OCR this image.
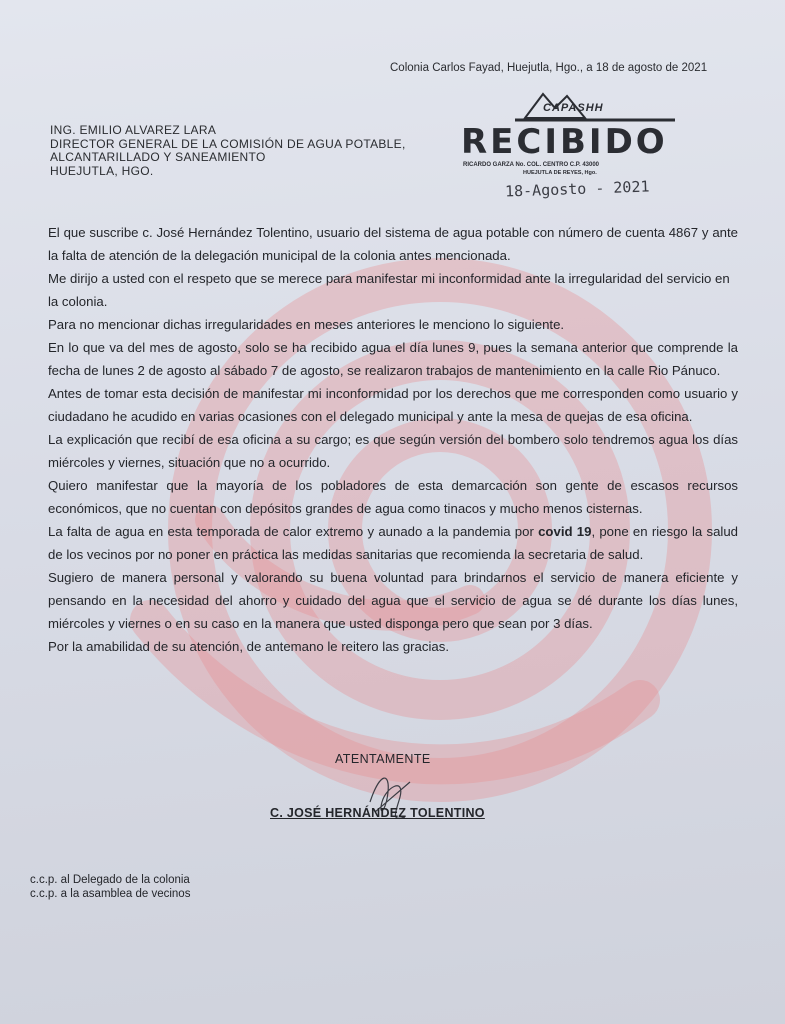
Colonia Carlos Fayad, Huejutla, Hgo., a 18 de agosto de 2021
ING. EMILIO ALVAREZ LARA
DIRECTOR GENERAL DE LA COMISIÓN DE AGUA POTABLE,
ALCANTARILLADO Y SANEAMIENTO
HUEJUTLA, HGO.
CAPASHH
RECIBIDO
RICARDO GARZA No. COL. CENTRO C.P. 43000
HUEJUTLA DE REYES, Hgo.
18-Agosto - 2021

El que suscribe c. José Hernández Tolentino, usuario del sistema de agua potable con número de cuenta 4867 y ante la falta de atención de la delegación municipal de la colonia antes mencionada.

Me dirijo a usted con el respeto que se merece para manifestar mi inconformidad ante la irregularidad del servicio en la colonia.

Para no mencionar dichas irregularidades en meses anteriores le menciono lo siguiente.

En lo que va del mes de agosto, solo se ha recibido agua el día lunes 9, pues la semana anterior que comprende la fecha de lunes 2 de agosto al sábado 7 de agosto, se realizaron trabajos de mantenimiento en la calle Rio Pánuco.

Antes de tomar esta decisión de manifestar mi inconformidad por los derechos que me corresponden como usuario y ciudadano he acudido en varias ocasiones con el delegado municipal y ante la mesa de quejas de esa oficina.

La explicación que recibí de esa oficina a su cargo; es que según versión del bombero solo tendremos agua los días miércoles y viernes, situación que no a ocurrido.

Quiero manifestar que la mayoría de los pobladores de esta demarcación son gente de escasos recursos económicos, que no cuentan con depósitos grandes de agua como tinacos y mucho menos cisternas.

La falta de agua en esta temporada de calor extremo y aunado a la pandemia por covid 19, pone en riesgo la salud de los vecinos por no poner en práctica las medidas sanitarias que recomienda la secretaria de salud.

Sugiero de manera personal y valorando su buena voluntad para brindarnos el servicio de manera eficiente y pensando en la necesidad del ahorro y cuidado del agua que el servicio de agua se dé durante los días lunes, miércoles y viernes o en su caso en la manera que usted disponga pero que sean por 3 días.

Por la amabilidad de su atención, de antemano le reitero las gracias.

ATENTAMENTE
C. JOSÉ HERNÁNDEZ TOLENTINO
c.c.p. al Delegado de la colonia
c.c.p. a la asamblea de vecinos
